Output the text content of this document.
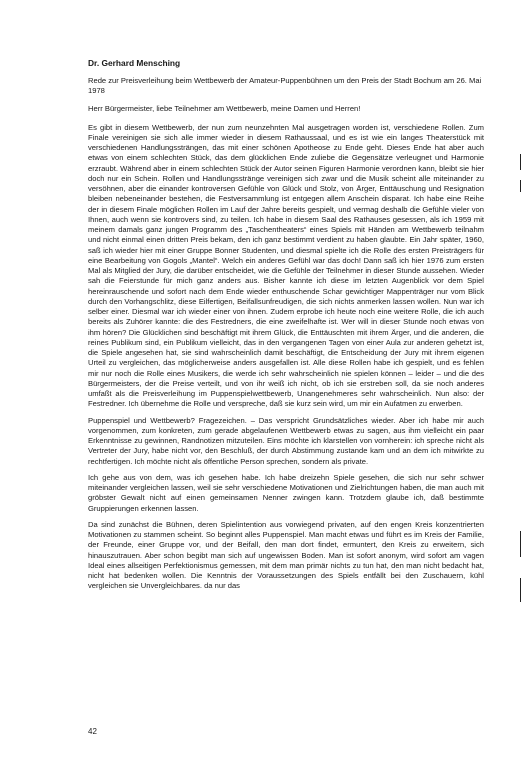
Dr. Gerhard Mensching

Rede zur Preisverleihung beim Wettbewerb der Amateur-Puppenbühnen um den Preis der Stadt Bochum am 26. Mai 1978

Herr Bürgermeister, liebe Teilnehmer am Wettbewerb, meine Damen und Herren!

Es gibt in diesem Wettbewerb, der nun zum neunzehnten Mal ausgetragen worden ist, verschiedene Rollen. Zum Finale vereinigen sie sich alle immer wieder in diesem Rathaussaal, und es ist wie ein langes Theaterstück mit verschiedenen Handlungssträngen, das mit einer schönen Apotheose zu Ende geht. Dieses Ende hat aber auch etwas von einem schlechten Stück, das dem glücklichen Ende zuliebe die Gegensätze verleugnet und Harmonie erzraubt. Während aber in einem schlechten Stück der Autor seinen Figuren Harmonie verordnen kann, bleibt sie hier doch nur ein Schein. Rollen und Handlungsstränge vereinigen sich zwar und die Musik scheint alle miteinander zu versöhnen, aber die einander kontroversen Gefühle von Glück und Stolz, von Ärger, Enttäuschung und Resignation bleiben nebeneinander bestehen, die Festversammlung ist entgegen allem Anschein disparat. Ich habe eine Reihe der in diesem Finale möglichen Rollen im Lauf der Jahre bereits gespielt, und vermag deshalb die Gefühle vieler von Ihnen, auch wenn sie kontrovers sind, zu teilen. Ich habe in diesem Saal des Rathauses gesessen, als ich 1959 mit meinem damals ganz jungen Programm des „Taschentheaters“ eines Spiels mit Händen am Wettbewerb teilnahm und nicht einmal einen dritten Preis bekam, den ich ganz bestimmt verdient zu haben glaubte. Ein Jahr später, 1960, saß ich wieder hier mit einer Gruppe Bonner Studenten, und diesmal spielte ich die Rolle des ersten Preisträgers für eine Bearbeitung von Gogols „Mantel“. Welch ein anderes Gefühl war das doch! Dann saß ich hier 1976 zum ersten Mal als Mitglied der Jury, die darüber entscheidet, wie die Gefühle der Teilnehmer in dieser Stunde aussehen. Wieder sah die Feierstunde für mich ganz anders aus. Bisher kannte ich diese im letzten Augenblick vor dem Spiel hereinrauschende und sofort nach dem Ende wieder enthuschende Schar gewichtiger Mappenträger nur vom Blick durch den Vorhangschlitz, diese Eilfertigen, Beifallsunfreudigen, die sich nichts anmerken lassen wollen. Nun war ich selber einer. Diesmal war ich wieder einer von ihnen. Zudem erprobe ich heute noch eine weitere Rolle, die ich auch bereits als Zuhörer kannte: die des Festredners, die eine zweifelhafte ist. Wer will in dieser Stunde noch etwas von ihm hören? Die Glücklichen sind beschäftigt mit ihrem Glück, die Enttäuschten mit ihrem Ärger, und die anderen, die reines Publikum sind, ein Publikum vielleicht, das in den vergangenen Tagen von einer Aula zur anderen gehetzt ist, die Spiele angesehen hat, sie sind wahrscheinlich damit beschäftigt, die Entscheidung der Jury mit ihrem eigenen Urteil zu vergleichen, das möglicherweise anders ausgefallen ist. Alle diese Rollen habe ich gespielt, und es fehlen mir nur noch die Rolle eines Musikers, die werde ich sehr wahrscheinlich nie spielen können – leider – und die des Bürgermeisters, der die Preise verteilt, und von ihr weiß ich nicht, ob ich sie erstreben soll, da sie noch anderes umfaßt als die Preisverleihung im Puppenspielwettbewerb, Unangenehmeres sehr wahrscheinlich. Nun also: der Festredner. Ich übernehme die Rolle und verspreche, daß sie kurz sein wird, um mir ein Aufatmen zu erwerben.

Puppenspiel und Wettbewerb? Fragezeichen. – Das verspricht Grundsätzliches wieder. Aber ich habe mir auch vorgenommen, zum konkreten, zum gerade abgelaufenen Wettbewerb etwas zu sagen, aus ihm vielleicht ein paar Erkenntnisse zu gewinnen, Randnotizen mitzuteilen. Eins möchte ich klarstellen von vornherein: ich spreche nicht als Vertreter der Jury, habe nicht vor, den Beschluß, der durch Abstimmung zustande kam und an dem ich mitwirkte zu rechtfertigen. Ich möchte nicht als öffentliche Person sprechen, sondern als private.

Ich gehe aus von dem, was ich gesehen habe. Ich habe dreizehn Spiele gesehen, die sich nur sehr schwer miteinander vergleichen lassen, weil sie sehr verschiedene Motivationen und Zielrichtungen haben, die man auch mit gröbster Gewalt nicht auf einen gemeinsamen Nenner zwingen kann. Trotzdem glaube ich, daß bestimmte Gruppierungen erkennen lassen.

Da sind zunächst die Bühnen, deren Spielintention aus vorwiegend privaten, auf den engen Kreis konzentrierten Motivationen zu stammen scheint. So beginnt alles Puppenspiel. Man macht etwas und führt es im Kreis der Familie, der Freunde, einer Gruppe vor, und der Beifall, den man dort findet, ermuntert, den Kreis zu erweitern, sich hinauszutrauen. Aber schon begibt man sich auf ungewissen Boden. Man ist sofort anonym, wird sofort am vagen Ideal eines allseitigen Perfektionismus gemessen, mit dem man primär nichts zu tun hat, den man nicht bedacht hat, nicht hat bedenken wollen. Die Kenntnis der Voraussetzungen des Spiels entfällt bei den Zuschauern, kühl vergleichen sie Unvergleichbares. da nur das

42
